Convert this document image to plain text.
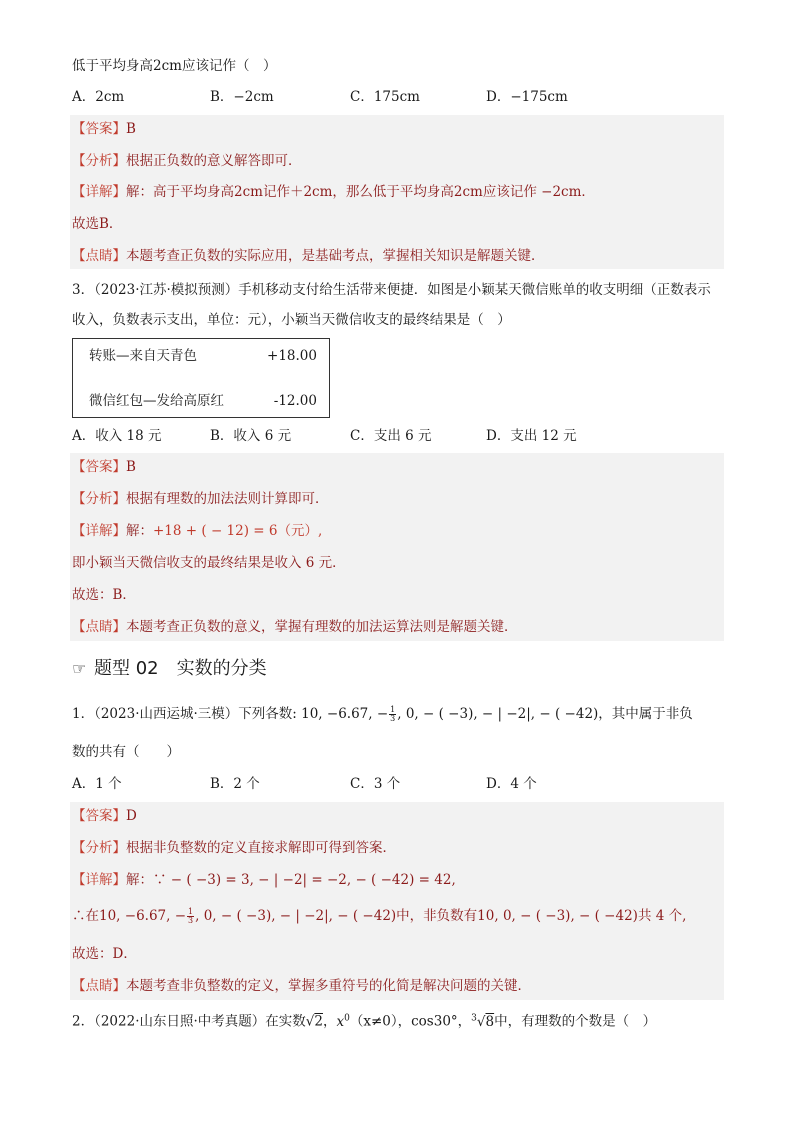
低于平均身高2cm应该记作（　）
A．2cm	B．−2cm	C．175cm	D．−175cm
【答案】B
【分析】根据正负数的意义解答即可．
【详解】解：高于平均身高2cm记作＋2cm，那么低于平均身高2cm应该记作 −2cm．
故选B．
【点睛】本题考查正负数的实际应用，是基础考点，掌握相关知识是解题关键．
3．（2023·江苏·模拟预测）手机移动支付给生活带来便捷．如图是小颖某天微信账单的收支明细（正数表示
收入，负数表示支出，单位：元），小颖当天微信收支的最终结果是（　）
转账—来自天青色	+18.00
微信红包—发给高原红	-12.00
A．收入 18 元	B．收入 6 元	C．支出 6 元	D．支出 12 元
【答案】B
【分析】根据有理数的加法法则计算即可．
【详解】解：+18 + ( − 12) = 6（元）,
即小颖当天微信收支的最终结果是收入 6 元．
故选：B．
【点睛】本题考查正负数的意义，掌握有理数的加法运算法则是解题关键．
☞ 题型 02　实数的分类
1．（2023·山西运城·三模）下列各数: 10, −6.67, − $\frac{1}{3}$ , 0, − ( −3), − | −2|, − ( −42)，其中属于非负
数的共有（　　）
A．1 个	B．2 个	C．3 个	D．4 个
【答案】D
【分析】根据非负整数的定义直接求解即可得到答案．
【详解】解：∵ − ( −3) = 3, − | −2| = −2, − ( −42) = 42,
∴在10, −6.67, − $\frac{1}{3}$ , 0, − ( −3), − | −2|, − ( −42)中，非负数有10, 0, − ( −3), − ( −42)共 4 个,
故选：D．
【点睛】本题考查非负整数的定义，掌握多重符号的化简是解决问题的关键．
2．（2022·山东日照·中考真题）在实数√2，$x^0(x\ne 0)$，cos30°，$^3$√8中，有理数的个数是（　）
